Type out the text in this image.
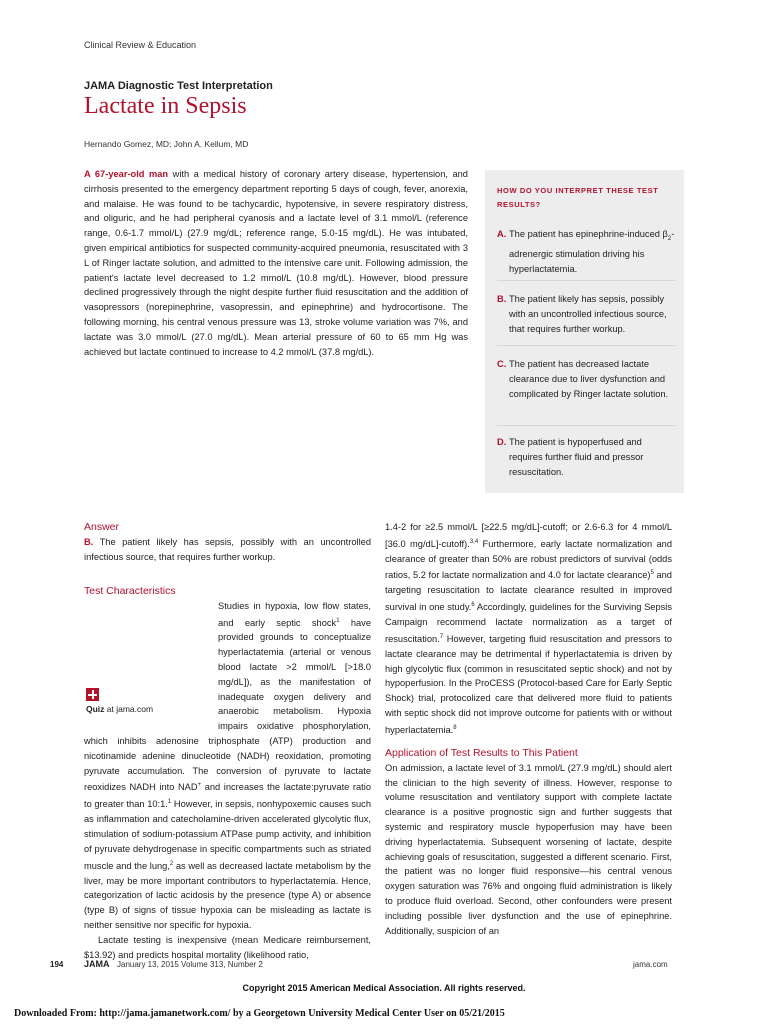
Clinical Review & Education
JAMA Diagnostic Test Interpretation
Lactate in Sepsis
Hernando Gomez, MD; John A. Kellum, MD
A 67-year-old man with a medical history of coronary artery disease, hypertension, and cirrhosis presented to the emergency department reporting 5 days of cough, fever, anorexia, and malaise. He was found to be tachycardic, hypotensive, in severe respiratory distress, and oliguric, and he had peripheral cyanosis and a lactate level of 3.1 mmol/L (reference range, 0.6-1.7 mmol/L) (27.9 mg/dL; reference range, 5.0-15 mg/dL). He was intubated, given empirical antibiotics for suspected community-acquired pneumonia, resuscitated with 3 L of Ringer lactate solution, and admitted to the intensive care unit. Following admission, the patient's lactate level decreased to 1.2 mmol/L (10.8 mg/dL). However, blood pressure declined progressively through the night despite further fluid resuscitation and the addition of vasopressors (norepinephrine, vasopressin, and epinephrine) and hydrocortisone. The following morning, his central venous pressure was 13, stroke volume variation was 7%, and lactate was 3.0 mmol/L (27.0 mg/dL). Mean arterial pressure of 60 to 65 mm Hg was achieved but lactate continued to increase to 4.2 mmol/L (37.8 mg/dL).
HOW DO YOU INTERPRET THESE TEST RESULTS?
A. The patient has epinephrine-induced $\beta_2$-adrenergic stimulation driving his hyperlactatemia.
B. The patient likely has sepsis, possibly with an uncontrolled infectious source, that requires further workup.
C. The patient has decreased lactate clearance due to liver dysfunction and complicated by Ringer lactate solution.
D. The patient is hypoperfused and requires further fluid and pressor resuscitation.
Answer

B. The patient likely has sepsis, possibly with an uncontrolled infectious source, that requires further workup.

Test Characteristics

Studies in hypoxia, low flow states, and early septic shock$^1$ have provided grounds to conceptualize hyperlactatemia (arterial or venous blood lactate >2 mmol/L [>18.0 mg/dL]), as the manifestation of inadequate oxygen delivery and anaerobic metabolism. Hypoxia impairs oxidative phosphorylation, which inhibits adenosine triphosphate (ATP) production and nicotinamide adenine dinucleotide (NADH) reoxidation, promoting pyruvate accumulation. The conversion of pyruvate to lactate reoxidizes NADH into NAD+ and increases the lactate:pyruvate ratio to greater than 10:1.$^1$ However, in sepsis, nonhypoxemic causes such as inflammation and catecholamine-driven accelerated glycolytic flux, stimulation of sodium-potassium ATPase pump activity, and inhibition of pyruvate dehydrogenase in specific compartments such as striated muscle and the lung,$^2$ as well as decreased lactate metabolism by the liver, may be more important contributors to hyperlactatemia. Hence, categorization of lactic acidosis by the presence (type A) or absence (type B) of signs of tissue hypoxia can be misleading as lactate is neither sensitive nor specific for hypoxia.

Lactate testing is inexpensive (mean Medicare reimbursement, $13.92) and predicts hospital mortality (likelihood ratio,

Quiz at jama.com

1.4-2 for ≥2.5 mmol/L [≥22.5 mg/dL]-cutoff; or 2.6-6.3 for 4 mmol/L [36.0 mg/dL]-cutoff).$^{3,4}$ Furthermore, early lactate normalization and clearance of greater than 50% are robust predictors of survival (odds ratios, 5.2 for lactate normalization and 4.0 for lactate clearance)$^5$ and targeting resuscitation to lactate clearance resulted in improved survival in one study.$^6$ Accordingly, guidelines for the Surviving Sepsis Campaign recommend lactate normalization as a target of resuscitation.$^7$ However, targeting fluid resuscitation and pressors to lactate clearance may be detrimental if hyperlactatemia is driven by high glycolytic flux (common in resuscitated septic shock) and not by hypoperfusion. In the ProCESS (Protocol-based Care for Early Septic Shock) trial, protocolized care that delivered more fluid to patients with septic shock did not improve outcome for patients with or without hyperlactatemia.$^8$

Application of Test Results to This Patient

On admission, a lactate level of 3.1 mmol/L (27.9 mg/dL) should alert the clinician to the high severity of illness. However, response to volume resuscitation and ventilatory support with complete lactate clearance is a positive prognostic sign and further suggests that systemic and respiratory muscle hypoperfusion may have been driving hyperlactatemia. Subsequent worsening of lactate, despite achieving goals of resuscitation, suggested a different scenario. First, the patient was no longer fluid responsive—his central venous oxygen saturation was 76% and ongoing fluid administration is likely to produce fluid overload. Second, other confounders were present including possible liver dysfunction and the use of epinephrine. Additionally, suspicion of an

194 JAMA January 13, 2015 Volume 313, Number 2	jama.com
Copyright 2015 American Medical Association. All rights reserved.
Downloaded From: http://jama.jamanetwork.com/ by a Georgetown University Medical Center User on 05/21/2015
